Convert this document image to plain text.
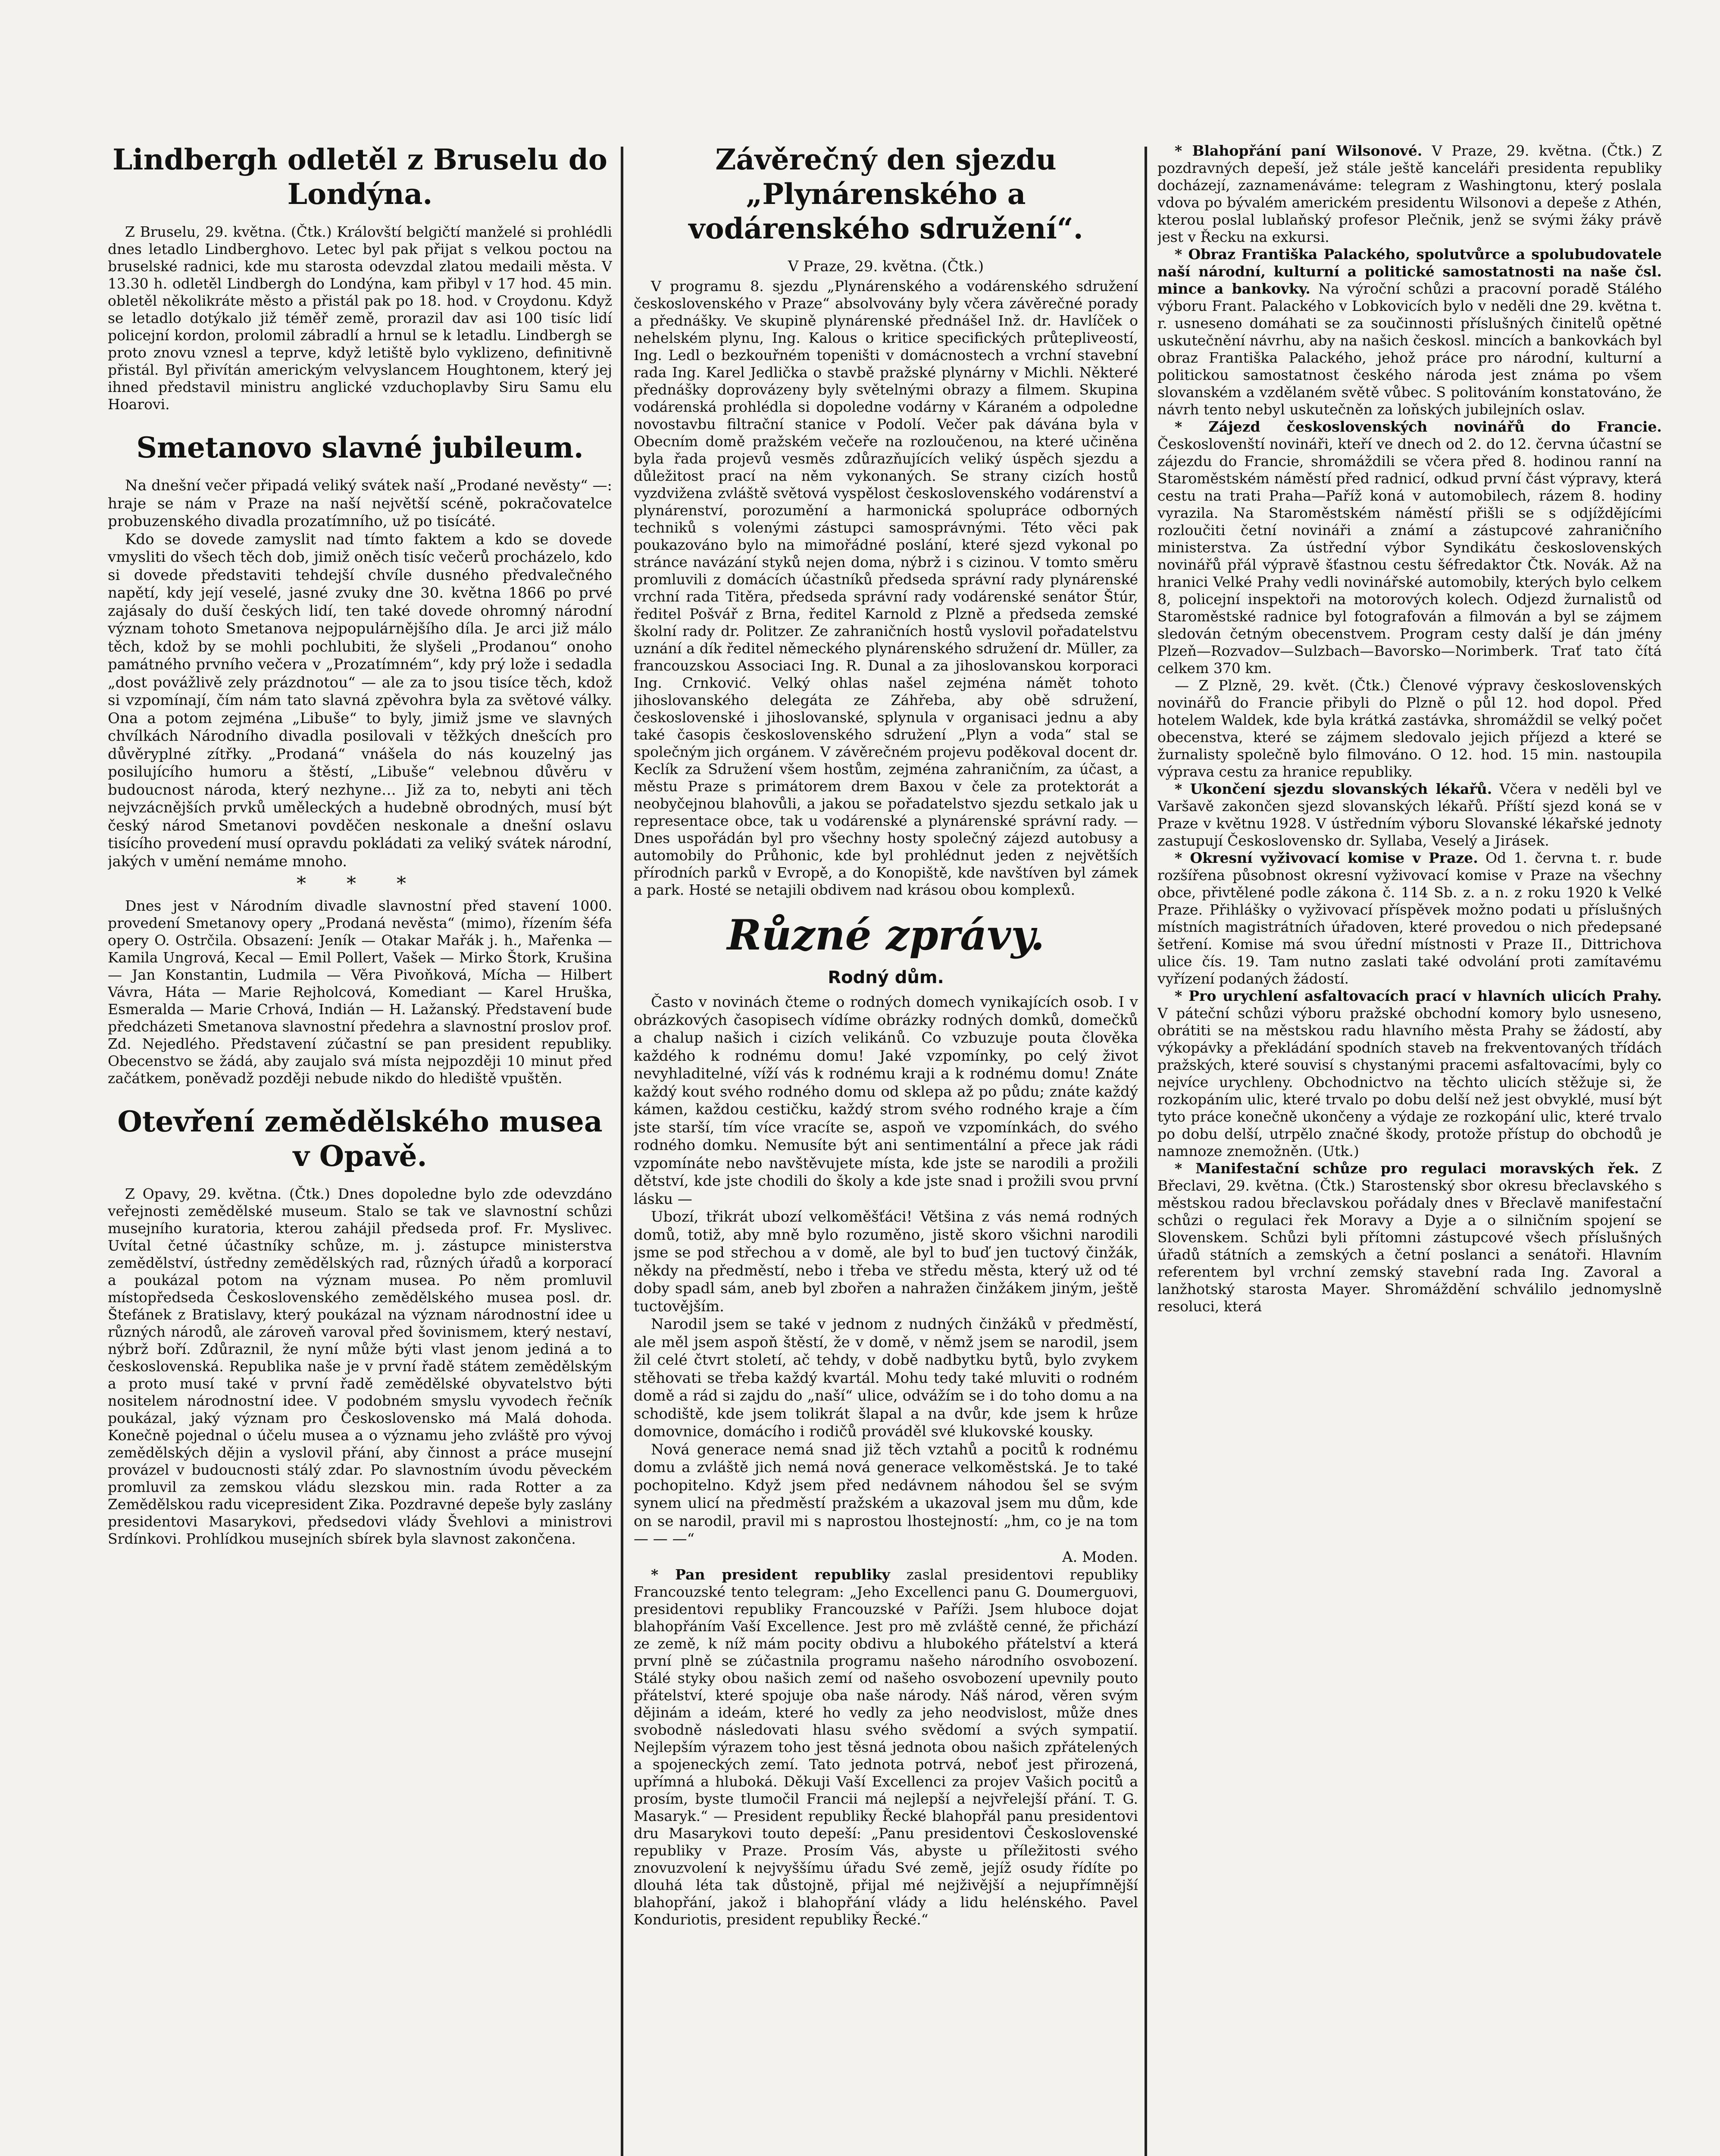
Lindbergh odletěl z Bruselu do Londýna.

Z Bruselu, 29. května. (Čtk.) Královští belgičtí manželé si prohlédli dnes letadlo Lindberghovo. Letec byl pak přijat s velkou poctou na bruselské radnici, kde mu starosta odevzdal zlatou medaili města. V 13.30 h. odletěl Lindbergh do Londýna, kam přibyl v 17 hod. 45 min. obletěl několikráte město a přistál pak po 18. hod. v Croydonu. Když se letadlo dotýkalo již téměř země, prorazil dav asi 100 tisíc lidí policejní kordon, prolomil zábradlí a hrnul se k letadlu. Lindbergh se proto znovu vznesl a teprve, když letiště bylo vyklizeno, definitivně přistál. Byl přivítán americkým velvyslancem Houghtonem, který jej ihned představil ministru anglické vzduchoplavby Siru Samu elu Hoarovi.

Smetanovo slavné jubileum.

Na dnešní večer připadá veliký svátek naší „Prodané nevěsty“ —: hraje se nám v Praze na naší největší scéně, pokračovatelce probuzenského divadla prozatímního, už po tisícáté.

Kdo se dovede zamyslit nad tímto faktem a kdo se dovede vmysliti do všech těch dob, jimiž oněch tisíc večerů procházelo, kdo si dovede představiti tehdejší chvíle dusného předvalečného napětí, kdy její veselé, jasné zvuky dne 30. května 1866 po prvé zajásaly do duší českých lidí, ten také dovede ohromný národní význam tohoto Smetanova nejpopulárnějšího díla. Je arci již málo těch, kdož by se mohli pochlubiti, že slyšeli „Prodanou“ onoho památného prvního večera v „Prozatímném“, kdy prý lože i sedadla „dost povážlivě zely prázdnotou“ — ale za to jsou tisíce těch, kdož si vzpomínají, čím nám tato slavná zpěvohra byla za světové války. Ona a potom zejména „Libuše“ to byly, jimiž jsme ve slavných chvílkách Národního divadla posilovali v těžkých dnešcích pro důvěryplné zítřky. „Prodaná“ vnášela do nás kouzelný jas posilujícího humoru a štěstí, „Libuše“ velebnou důvěru v budoucnost národa, který nezhyne… Již za to, nebyti ani těch nejvzácnějších prvků uměleckých a hudebně obrodných, musí být český národ Smetanovi povděčen neskonale a dnešní oslavu tisícího provedení musí opravdu pokládati za veliký svátek národní, jakých v umění nemáme mnoho.

* * *

Dnes jest v Národním divadle slavnostní před stavení 1000. provedení Smetanovy opery „Prodaná nevěsta“ (mimo), řízením šéfa opery O. Ostrčila. Obsazení: Jeník — Otakar Mařák j. h., Mařenka — Kamila Ungrová, Kecal — Emil Pollert, Vašek — Mirko Štork, Krušina — Jan Konstantin, Ludmila — Věra Pivoňková, Mícha — Hilbert Vávra, Háta — Marie Rejholcová, Komediant — Karel Hruška, Esmeralda — Marie Crhová, Indián — H. Lažanský. Představení bude předcházeti Smetanova slavnostní předehra a slavnostní proslov prof. Zd. Nejedlého. Představení zúčastní se pan president republiky. Obecenstvo se žádá, aby zaujalo svá místa nejpozději 10 minut před začátkem, poněvadž později nebude nikdo do hlediště vpuštěn.

Otevření zemědělského musea v Opavě.

Z Opavy, 29. května. (Čtk.) Dnes dopoledne bylo zde odevzdáno veřejnosti zemědělské museum. Stalo se tak ve slavnostní schůzi musejního kuratoria, kterou zahájil předseda prof. Fr. Myslivec. Uvítal četné účastníky schůze, m. j. zástupce ministerstva zemědělství, ústředny zemědělských rad, různých úřadů a korporací a poukázal potom na význam musea. Po něm promluvil místopředseda Československého zemědělského musea posl. dr. Štefánek z Bratislavy, který poukázal na význam národnostní idee u různých národů, ale zároveň varoval před šovinismem, který nestaví, nýbrž boří. Zdůraznil, že nyní může býti vlast jenom jediná a to československá. Republika naše je v první řadě státem zemědělským a proto musí také v první řadě zemědělské obyvatelstvo býti nositelem národnostní idee. V podobném smyslu vyvodech řečník poukázal, jaký význam pro Československo má Malá dohoda. Konečně pojednal o účelu musea a o významu jeho zvláště pro vývoj zemědělských dějin a vyslovil přání, aby činnost a práce musejní provázel v budoucnosti stálý zdar. Po slavnostním úvodu pěveckém promluvil za zemskou vládu slezskou min. rada Rotter a za Zemědělskou radu vicepresident Zika. Pozdravné depeše byly zaslány presidentovi Masarykovi, předsedovi vlády Švehlovi a ministrovi Srdínkovi. Prohlídkou musejních sbírek byla slavnost zakončena.

Závěrečný den sjezdu „Plynárenského a vodárenského sdružení“.
V Praze, 29. května. (Čtk.)

V programu 8. sjezdu „Plynárenského a vodárenského sdružení československého v Praze“ absolvovány byly včera závěrečné porady a přednášky. Ve skupině plynárenské přednášel Inž. dr. Havlíček o nehelském plynu, Ing. Kalous o kritice specifických průtepliveostí, Ing. Ledl o bezkouřném topeništi v domácnostech a vrchní stavební rada Ing. Karel Jedlička o stavbě pražské plynárny v Michli. Některé přednášky doprovázeny byly světelnými obrazy a filmem. Skupina vodárenská prohlédla si dopoledne vodárny v Káraném a odpoledne novostavbu filtrační stanice v Podolí. Večer pak dávána byla v Obecním domě pražském večeře na rozloučenou, na které učiněna byla řada projevů vesměs zdůrazňujících veliký úspěch sjezdu a důležitost prací na něm vykonaných. Se strany cizích hostů vyzdvižena zvláště světová vyspělost československého vodárenství a plynárenství, porozumění a harmonická spolupráce odborných techniků s volenými zástupci samosprávnými. Této věci pak poukazováno bylo na mimořádné poslání, které sjezd vykonal po stránce navázání styků nejen doma, nýbrž i s cizinou. V tomto směru promluvili z domácích účastníků předseda správní rady plynárenské vrchní rada Titěra, předseda správní rady vodárenské senátor Štúr, ředitel Pošvář z Brna, ředitel Karnold z Plzně a předseda zemské školní rady dr. Politzer. Ze zahraničních hostů vyslovil pořadatelstvu uznání a dík ředitel německého plynárenského sdružení dr. Müller, za francouzskou Associaci Ing. R. Dunal a za jihoslovanskou korporaci Ing. Crnković. Velký ohlas našel zejména námět tohoto jihoslovanského delegáta ze Záhřeba, aby obě sdružení, československé i jihoslovanské, splynula v organisaci jednu a aby také časopis československého sdružení „Plyn a voda“ stal se společným jich orgánem. V závěrečném projevu poděkoval docent dr. Keclík za Sdružení všem hostům, zejména zahraničním, za účast, a městu Praze s primátorem drem Baxou v čele za protektorát a neobyčejnou blahovůli, a jakou se pořadatelstvo sjezdu setkalo jak u representace obce, tak u vodárenské a plynárenské správní rady. — Dnes uspořádán byl pro všechny hosty společný zájezd autobusy a automobily do Průhonic, kde byl prohlédnut jeden z největších přírodních parků v Evropě, a do Konopiště, kde navštíven byl zámek a park. Hosté se netajili obdivem nad krásou obou komplexů.

Různé zprávy.
Rodný dům.

Často v novinách čteme o rodných domech vynikajících osob. I v obrázkových časopisech vídíme obrázky rodných domků, domečků a chalup našich i cizích velikánů. Co vzbuzuje pouta člověka každého k rodnému domu! Jaké vzpomínky, po celý život nevyhladitelné, víží vás k rodnému kraji a k rodnému domu! Znáte každý kout svého rodného domu od sklepa až po půdu; znáte každý kámen, každou cestičku, každý strom svého rodného kraje a čím jste starší, tím více vracíte se, aspoň ve vzpomínkách, do svého rodného domku. Nemusíte být ani sentimentální a přece jak rádi vzpomínáte nebo navštěvujete místa, kde jste se narodili a prožili dětství, kde jste chodili do školy a kde jste snad i prožili svou první lásku —

Ubozí, třikrát ubozí velkoměšťáci! Většina z vás nemá rodných domů, totiž, aby mně bylo rozuměno, jistě skoro všichni narodili jsme se pod střechou a v domě, ale byl to buď jen tuctový činžák, někdy na předměstí, nebo i třeba ve středu města, který už od té doby spadl sám, aneb byl zbořen a nahražen činžákem jiným, ještě tuctovějším.

Narodil jsem se také v jednom z nudných činžáků v předměstí, ale měl jsem aspoň štěstí, že v domě, v němž jsem se narodil, jsem žil celé čtvrt století, ač tehdy, v době nadbytku bytů, bylo zvykem stěhovati se třeba každý kvartál. Mohu tedy také mluviti o rodném domě a rád si zajdu do „naší“ ulice, odvážím se i do toho domu a na schodiště, kde jsem tolikrát šlapal a na dvůr, kde jsem k hrůze domovnice, domácího i rodičů prováděl své klukovské kousky.

Nová generace nemá snad již těch vztahů a pocitů k rodnému domu a zvláště jich nemá nová generace velkoměstská. Je to také pochopitelno. Když jsem před nedávnem náhodou šel se svým synem ulicí na předměstí pražském a ukazoval jsem mu dům, kde on se narodil, pravil mi s naprostou lhostejností: „hm, co je na tom — — —“

A. Moden.

* Pan president republiky zaslal presidentovi republiky Francouzské tento telegram: „Jeho Excellenci panu G. Doumerguovi, presidentovi republiky Francouzské v Paříži. Jsem hluboce dojat blahopřáním Vaší Excellence. Jest pro mě zvláště cenné, že přichází ze země, k níž mám pocity obdivu a hlubokého přátelství a která první plně se zúčastnila programu našeho národního osvobození. Stálé styky obou našich zemí od našeho osvobození upevnily pouto přátelství, které spojuje oba naše národy. Náš národ, věren svým dějinám a ideám, které ho vedly za jeho neodvislost, může dnes svobodně následovati hlasu svého svědomí a svých sympatií. Nejlepším výrazem toho jest těsná jednota obou našich zpřátelených a spojeneckých zemí. Tato jednota potrvá, neboť jest přirozená, upřímná a hluboká. Děkuji Vaší Excellenci za projev Vašich pocitů a prosím, byste tlumočil Francii má nejlepší a nejvřelejší přání. T. G. Masaryk.“ — President republiky Řecké blahopřál panu presidentovi dru Masarykovi touto depeší: „Panu presidentovi Československé republiky v Praze. Prosím Vás, abyste u příležitosti svého znovuzvolení k nejvyššímu úřadu Své země, jejíž osudy řídíte po dlouhá léta tak důstojně, přijal mé nejživější a nejupřímnější blahopřání, jakož i blahopřání vlády a lidu helénského. Pavel Konduriotis, president republiky Řecké.“

* Blahopřání paní Wilsonové. V Praze, 29. května. (Čtk.) Z pozdravných depeší, jež stále ještě kanceláři presidenta republiky docházejí, zaznamenáváme: telegram z Washingtonu, který poslala vdova po bývalém americkém presidentu Wilsonovi a depeše z Athén, kterou poslal lublaňský profesor Plečnik, jenž se svými žáky právě jest v Řecku na exkursi.

* Obraz Františka Palackého, spolutvůrce a spolubudovatele naší národní, kulturní a politické samostatnosti na naše čsl. mince a bankovky. Na výroční schůzi a pracovní poradě Stálého výboru Frant. Palackého v Lobkovicích bylo v neděli dne 29. května t. r. usneseno domáhati se za součinnosti příslušných činitelů opětné uskutečnění návrhu, aby na našich českosl. mincích a bankovkách byl obraz Františka Palackého, jehož práce pro národní, kulturní a politickou samostatnost českého národa jest známa po všem slovanském a vzdělaném světě vůbec. S politováním konstatováno, že návrh tento nebyl uskutečněn za loňských jubilejních oslav.

* Zájezd československých novinářů do Francie. Českoslovenští novináři, kteří ve dnech od 2. do 12. června účastní se zájezdu do Francie, shromáždili se včera před 8. hodinou ranní na Staroměstském náměstí před radnicí, odkud první část výpravy, která cestu na trati Praha—Paříž koná v automobilech, rázem 8. hodiny vyrazila. Na Staroměstském náměstí přišli se s odjíždějícími rozloučiti četní novináři a známí a zástupcové zahraničního ministerstva. Za ústřední výbor Syndikátu československých novinářů přál výpravě šťastnou cestu šéfredaktor Čtk. Novák. Až na hranici Velké Prahy vedli novinářské automobily, kterých bylo celkem 8, policejní inspektoři na motorových kolech. Odjezd žurnalistů od Staroměstské radnice byl fotografován a filmován a byl se zájmem sledován četným obecenstvem. Program cesty další je dán jmény Plzeň—Rozvadov—Sulzbach—Bavorsko—Norimberk. Trať tato čítá celkem 370 km.

— Z Plzně, 29. květ. (Čtk.) Členové výpravy československých novinářů do Francie přibyli do Plzně o půl 12. hod dopol. Před hotelem Waldek, kde byla krátká zastávka, shromáždil se velký počet obecenstva, které se zájmem sledovalo jejich příjezd a které se žurnalisty společně bylo filmováno. O 12. hod. 15 min. nastoupila výprava cestu za hranice republiky.

* Ukončení sjezdu slovanských lékařů. Včera v neděli byl ve Varšavě zakončen sjezd slovanských lékařů. Příští sjezd koná se v Praze v květnu 1928. V ústředním výboru Slovanské lékařské jednoty zastupují Československo dr. Syllaba, Veselý a Jirásek.

* Okresní vyživovací komise v Praze. Od 1. června t. r. bude rozšířena působnost okresní vyživovací komise v Praze na všechny obce, přivtělené podle zákona č. 114 Sb. z. a n. z roku 1920 k Velké Praze. Přihlášky o vyživovací příspěvek možno podati u příslušných místních magistrátních úřadoven, které provedou o nich předepsané šetření. Komise má svou úřední místnosti v Praze II., Dittrichova ulice čís. 19. Tam nutno zaslati také odvolání proti zamítavému vyřízení podaných žádostí.

* Pro urychlení asfaltovacích prací v hlavních ulicích Prahy. V páteční schůzi výboru pražské obchodní komory bylo usneseno, obrátiti se na městskou radu hlavního města Prahy se žádostí, aby výkopávky a překládání spodních staveb na frekventovaných třídách pražských, které souvisí s chystanými pracemi asfaltovacími, byly co nejvíce urychleny. Obchodnictvo na těchto ulicích stěžuje si, že rozkopáním ulic, které trvalo po dobu delší než jest obvyklé, musí být tyto práce konečně ukončeny a výdaje ze rozkopání ulic, které trvalo po dobu delší, utrpělo značné škody, protože přístup do obchodů je namnoze znemožněn. (Utk.)

* Manifestační schůze pro regulaci moravských řek. Z Břeclavi, 29. května. (Čtk.) Starostenský sbor okresu břeclavského s městskou radou břeclavskou pořádaly dnes v Břeclavě manifestační schůzi o regulaci řek Moravy a Dyje a o silničním spojení se Slovenskem. Schůzi byli přítomni zástupcové všech příslušných úřadů státních a zemských a četní poslanci a senátoři. Hlavním referentem byl vrchní zemský stavební rada Ing. Zavoral a lanžhotský starosta Mayer. Shromáždění schválilo jednomyslně resoluci, která
